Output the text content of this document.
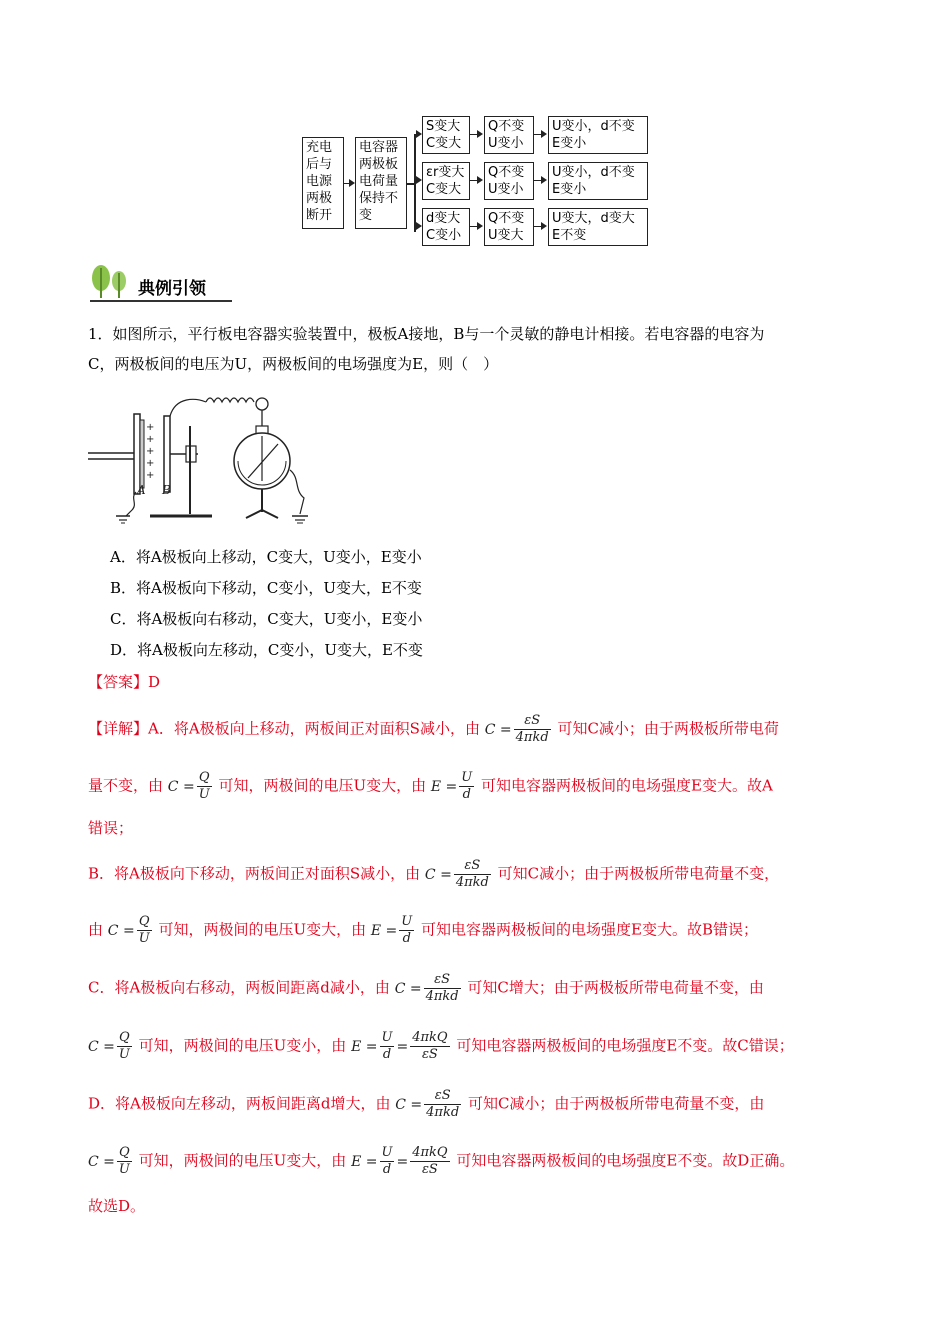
充电
后与
电源
两极
断开
电容器
两极板
电荷量
保持不
变
S变大
C变大
Q不变
U变小
U变小，d不变
E变小
εr变大
C变大
Q不变
U变小
U变小，d不变
E变小
d变大
C变小
Q不变
U变大
U变大，d变大
E不变
典例引领
1．如图所示，平行板电容器实验装置中，极板A接地，B与一个灵敏的静电计相接。若电容器的电容为
C，两极板间的电压为U，两极板间的电场强度为E，则（　）
+
+
+
+
+
A B
A．将A极板向上移动，C变大，U变小，E变小
B．将A极板向下移动，C变小，U变大，E不变
C．将A极板向右移动，C变大，U变小，E变小
D．将A极板向左移动，C变小，U变大，E不变
【答案】D
【详解】A．将A极板向上移动，两板间正对面积S减小，由 $C = \frac{\varepsilon S}{\text{4πkd}}$ 可知C减小；由于两极板所带电荷
量不变，由 $C = \frac{Q}{U}$ 可知，两极间的电压U变大，由 $E = \frac{U}{d}$ 可知电容器两极板间的电场强度E变大。故A
错误；
B．将A极板向下移动，两板间正对面积S减小，由 $C = \frac{\varepsilon S}{\text{4πkd}}$ 可知C减小；由于两极板所带电荷量不变，
由 $C = \frac{Q}{U}$ 可知，两极间的电压U变大，由 $E = \frac{U}{d}$ 可知电容器两极板间的电场强度E变大。故B错误；
C．将A极板向右移动，两板间距离d减小，由 $C = \frac{\varepsilon S}{\text{4πkd}}$ 可知C增大；由于两极板所带电荷量不变，由
$C = \frac{Q}{U}$ 可知，两极间的电压U变小，由 $E = \frac{U}{d} = \frac{\text{4πkQ}}{\varepsilon S}$ 可知电容器两极板间的电场强度E不变。故C错误；
D．将A极板向左移动，两板间距离d增大，由 $C = \frac{\varepsilon S}{\text{4πkd}}$ 可知C减小；由于两极板所带电荷量不变，由
$C = \frac{Q}{U}$ 可知，两极间的电压U变大，由 $E = \frac{U}{d} = \frac{\text{4πkQ}}{\varepsilon S}$ 可知电容器两极板间的电场强度E不变。故D正确。
故选D。
